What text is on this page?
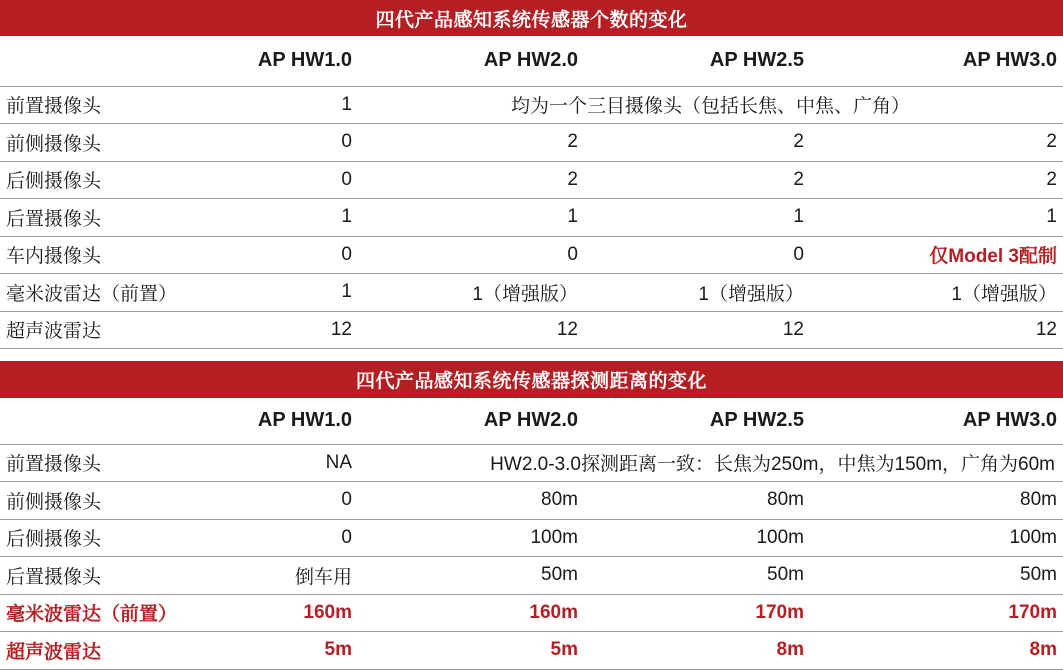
四代产品感知系统传感器个数的变化
	AP HW1.0	AP HW2.0	AP HW2.5	AP HW3.0
前置摄像头	1	均为一个三目摄像头（包括长焦、中焦、广角）		
前侧摄像头	0	2	2	2
后侧摄像头	0	2	2	2
后置摄像头	1	1	1	1
车内摄像头	0	0	0	仅Model 3配制
毫米波雷达（前置）	1	1（增强版）	1（增强版）	1（增强版）
超声波雷达	12	12	12	12
四代产品感知系统传感器探测距离的变化
	AP HW1.0	AP HW2.0	AP HW2.5	AP HW3.0
前置摄像头	NA	HW2.0-3.0探测距离一致：长焦为250m，中焦为150m，广角为60m		
前侧摄像头	0	80m	80m	80m
后侧摄像头	0	100m	100m	100m
后置摄像头	倒车用	50m	50m	50m
毫米波雷达（前置）	160m	160m	170m	170m
超声波雷达	5m	5m	8m	8m
